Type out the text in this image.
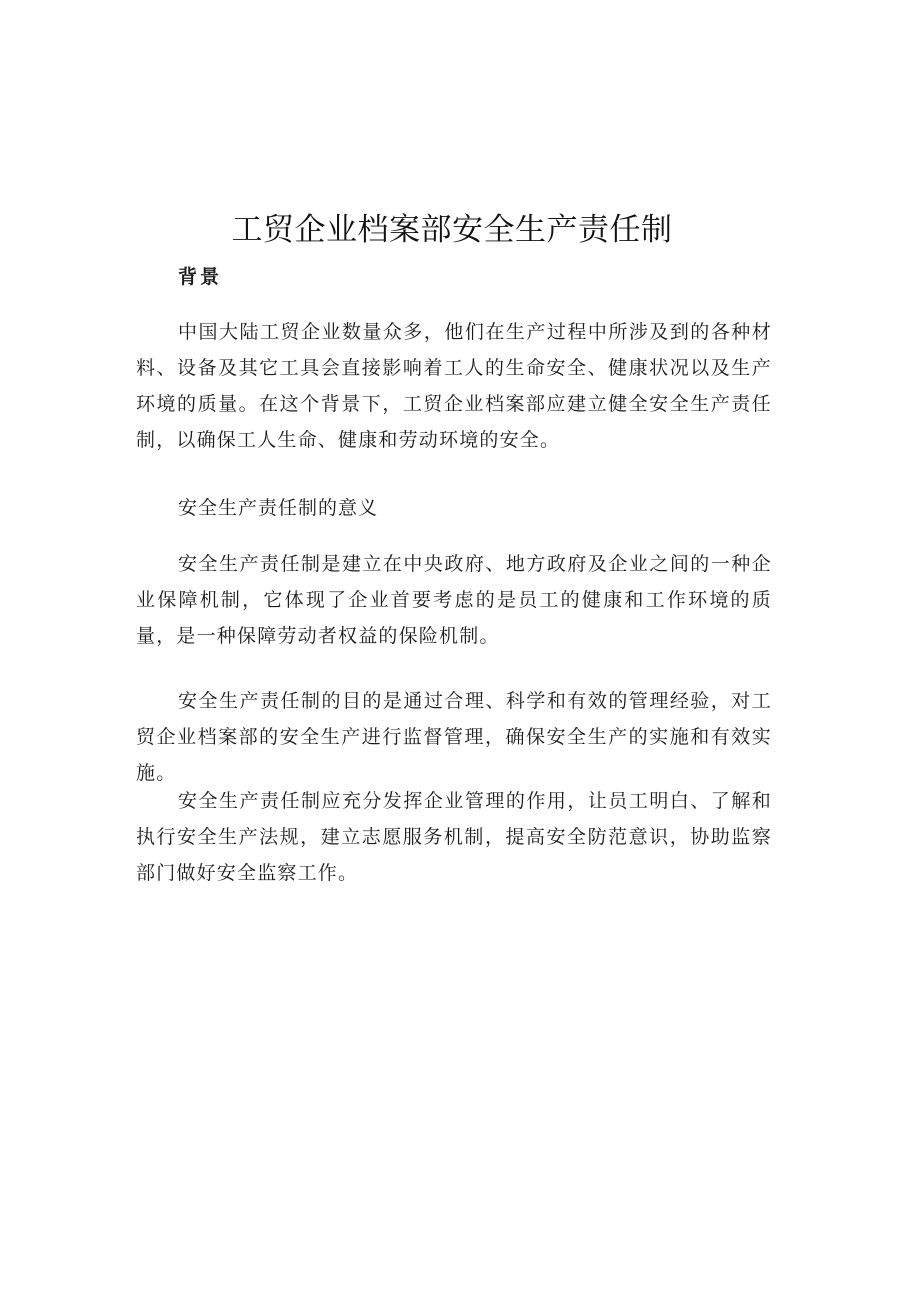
工贸企业档案部安全生产责任制
背景

中国大陆工贸企业数量众多，他们在生产过程中所涉及到的各种材料、设备及其它工具会直接影响着工人的生命安全、健康状况以及生产环境的质量。在这个背景下，工贸企业档案部应建立健全安全生产责任制，以确保工人生命、健康和劳动环境的安全。

安全生产责任制的意义

安全生产责任制是建立在中央政府、地方政府及企业之间的一种企业保障机制，它体现了企业首要考虑的是员工的健康和工作环境的质量，是一种保障劳动者权益的保险机制。

安全生产责任制的目的是通过合理、科学和有效的管理经验，对工贸企业档案部的安全生产进行监督管理，确保安全生产的实施和有效实施。

安全生产责任制应充分发挥企业管理的作用，让员工明白、了解和执行安全生产法规，建立志愿服务机制，提高安全防范意识，协助监察部门做好安全监察工作。
